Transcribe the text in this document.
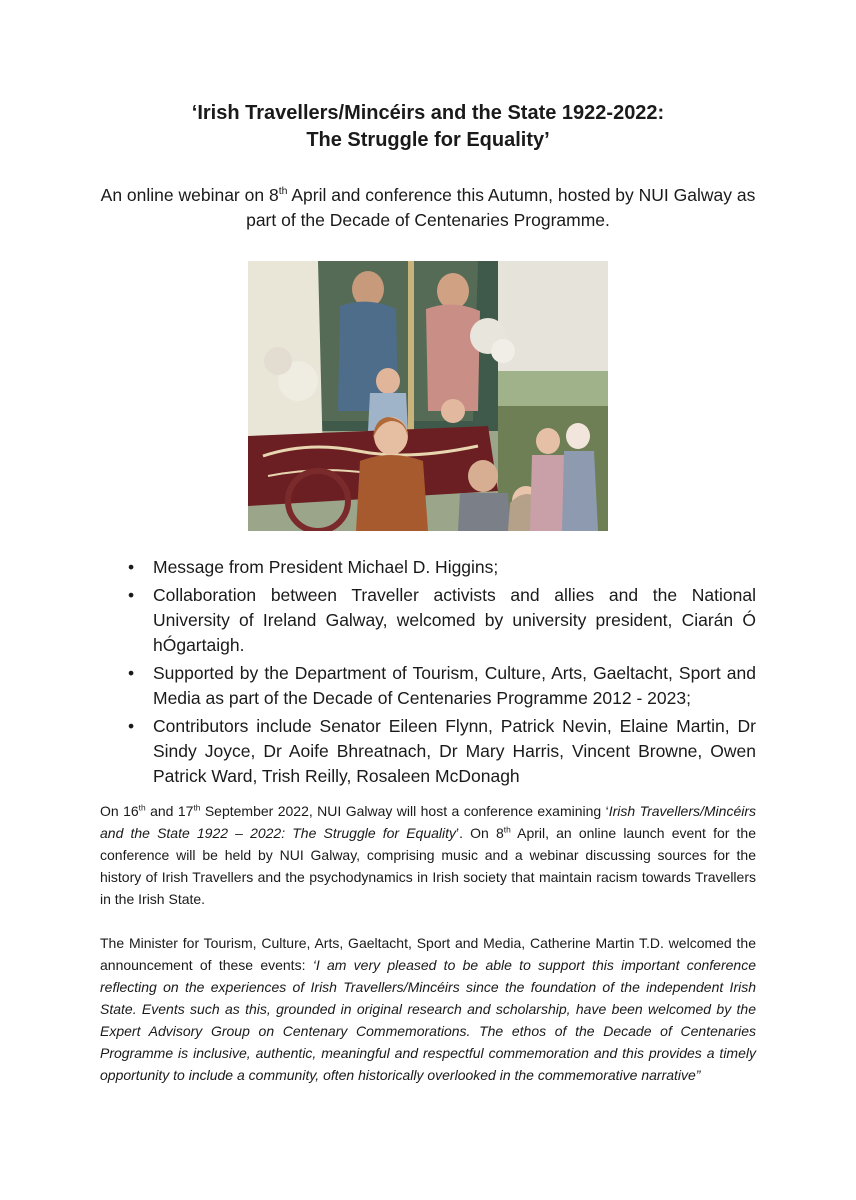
‘Irish Travellers/Mincéirs and the State 1922-2022:
The Struggle for Equality’
An online webinar on 8th April and conference this Autumn, hosted by NUI Galway as part of the Decade of Centenaries Programme.
• Message from President Michael D. Higgins;
• Collaboration between Traveller activists and allies and the National University of Ireland Galway, welcomed by university president, Ciarán Ó hÓgartaigh.
• Supported by the Department of Tourism, Culture, Arts, Gaeltacht, Sport and Media as part of the Decade of Centenaries Programme 2012 - 2023;
• Contributors include Senator Eileen Flynn, Patrick Nevin, Elaine Martin, Dr Sindy Joyce, Dr Aoife Bhreatnach, Dr Mary Harris, Vincent Browne, Owen Patrick Ward, Trish Reilly, Rosaleen McDonagh

On 16th and 17th September 2022, NUI Galway will host a conference examining ‘Irish Travellers/Mincéirs and the State 1922 – 2022: The Struggle for Equality’. On 8th April, an online launch event for the conference will be held by NUI Galway, comprising music and a webinar discussing sources for the history of Irish Travellers and the psychodynamics in Irish society that maintain racism towards Travellers in the Irish State.

The Minister for Tourism, Culture, Arts, Gaeltacht, Sport and Media, Catherine Martin T.D. welcomed the announcement of these events: ‘I am very pleased to be able to support this important conference reflecting on the experiences of Irish Travellers/Mincéirs since the foundation of the independent Irish State. Events such as this, grounded in original research and scholarship, have been welcomed by the Expert Advisory Group on Centenary Commemorations. The ethos of the Decade of Centenaries Programme is inclusive, authentic, meaningful and respectful commemoration and this provides a timely opportunity to include a community, often historically overlooked in the commemorative narrative”
